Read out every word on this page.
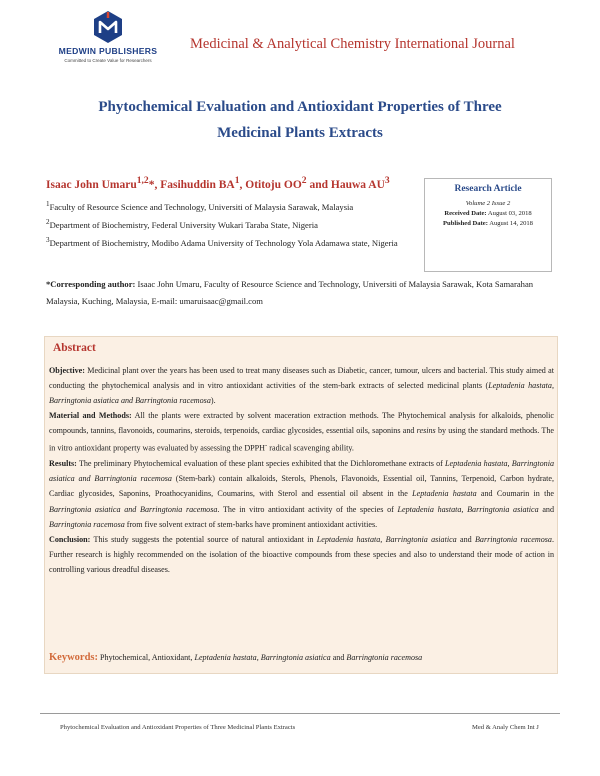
MEDWIN PUBLISHERS
Committed to Create Value for Researchers
Medicinal & Analytical Chemistry International Journal
Phytochemical Evaluation and Antioxidant Properties of Three
Medicinal Plants Extracts
Isaac John Umaru$^{1,2}$*, Fasihuddin $BA^1$, Otitoju $OO^2$ and Hauwa $AU^3$
$^1$Faculty of Resource Science and Technology, Universiti of Malaysia Sarawak, Malaysia
$^2$Department of Biochemistry, Federal University Wukari Taraba State, Nigeria
$^3$Department of Biochemistry, Modibo Adama University of Technology Yola Adamawa state, Nigeria
Research Article
Volume 2 Issue 2
Received Date: August 03, 2018
Published Date: August 14, 2018
*Corresponding author: Isaac John Umaru, Faculty of Resource Science and Technology, Universiti of Malaysia Sarawak, Kota Samarahan Malaysia, Kuching, Malaysia, E-mail: umaruisaac@gmail.com
Abstract

Objective: Medicinal plant over the years has been used to treat many diseases such as Diabetic, cancer, tumour, ulcers and bacterial. This study aimed at conducting the phytochemical analysis and in vitro antioxidant activities of the stem-bark extracts of selected medicinal plants (Leptadenia hastata, Barringtonia asiatica and Barringtonia racemosa).

Material and Methods: All the plants were extracted by solvent maceration extraction methods. The Phytochemical analysis for alkaloids, phenolic compounds, tannins, flavonoids, coumarins, steroids, terpenoids, cardiac glycosides, essential oils, saponins and resins by using the standard methods. The in vitro antioxidant property was evaluated by assessing the DPPH- radical scavenging ability.

Results: The preliminary Phytochemical evaluation of these plant species exhibited that the Dichloromethane extracts of Leptadenia hastata, Barringtonia asiatica and Barringtonia racemosa (Stem-bark) contain alkaloids, Sterols, Phenols, Flavonoids, Essential oil, Tannins, Terpenoid, Carbon hydrate, Cardiac glycosides, Saponins, Proathocyanidins, Coumarins, with Sterol and essential oil absent in the Leptadenia hastata and Coumarin in the Barringtonia asiatica and Barringtonia racemosa. The in vitro antioxidant activity of the species of Leptadenia hastata, Barringtonia asiatica and Barringtonia racemosa from five solvent extract of stem-barks have prominent antioxidant activities.

Conclusion: This study suggests the potential source of natural antioxidant in Leptadenia hastata, Barringtonia asiatica and Barringtonia racemosa. Further research is highly recommended on the isolation of the bioactive compounds from these species and also to understand their mode of action in controlling various dreadful diseases.

Keywords: Phytochemical, Antioxidant, Leptadenia hastata, Barringtonia asiatica and Barringtonia racemosa
Phytochemical Evaluation and Antioxidant Properties of Three Medicinal Plants Extracts	Med & Analy Chem Int J
